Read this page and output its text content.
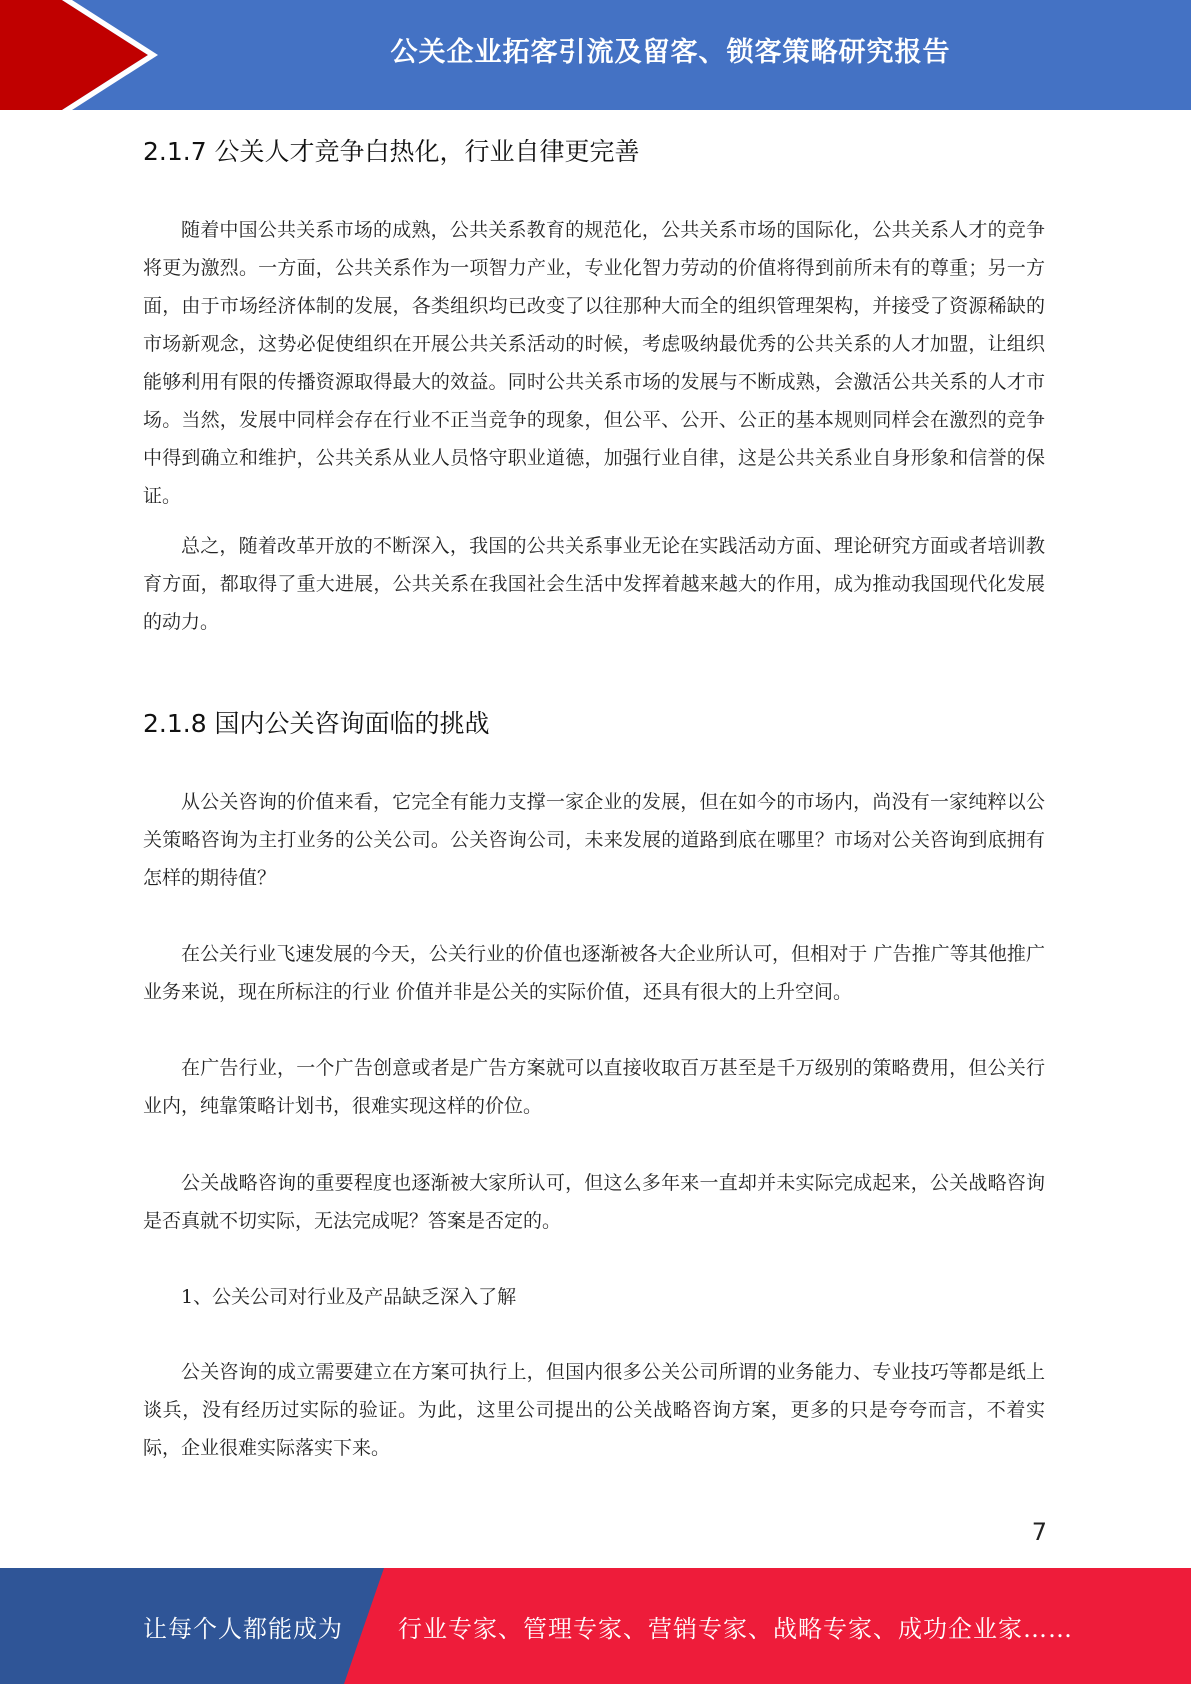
公关企业拓客引流及留客、锁客策略研究报告
2.1.7 公关人才竞争白热化，行业自律更完善

随着中国公共关系市场的成熟，公共关系教育的规范化，公共关系市场的国际化，公共关系人才的竞争将更为激烈。一方面，公共关系作为一项智力产业，专业化智力劳动的价值将得到前所未有的尊重；另一方面，由于市场经济体制的发展，各类组织均已改变了以往那种大而全的组织管理架构，并接受了资源稀缺的市场新观念，这势必促使组织在开展公共关系活动的时候，考虑吸纳最优秀的公共关系的人才加盟，让组织能够利用有限的传播资源取得最大的效益。同时公共关系市场的发展与不断成熟，会激活公共关系的人才市场。当然，发展中同样会存在行业不正当竞争的现象，但公平、公开、公正的基本规则同样会在激烈的竞争中得到确立和维护，公共关系从业人员恪守职业道德，加强行业自律，这是公共关系业自身形象和信誉的保证。

总之，随着改革开放的不断深入，我国的公共关系事业无论在实践活动方面、理论研究方面或者培训教育方面，都取得了重大进展，公共关系在我国社会生活中发挥着越来越大的作用，成为推动我国现代化发展的动力。

2.1.8 国内公关咨询面临的挑战

从公关咨询的价值来看，它完全有能力支撑一家企业的发展，但在如今的市场内，尚没有一家纯粹以公关策略咨询为主打业务的公关公司。公关咨询公司，未来发展的道路到底在哪里？市场对公关咨询到底拥有怎样的期待值？

在公关行业飞速发展的今天，公关行业的价值也逐渐被各大企业所认可，但相对于 广告推广等其他推广业务来说，现在所标注的行业 价值并非是公关的实际价值，还具有很大的上升空间。

在广告行业，一个广告创意或者是广告方案就可以直接收取百万甚至是千万级别的策略费用，但公关行业内，纯靠策略计划书，很难实现这样的价位。

公关战略咨询的重要程度也逐渐被大家所认可，但这么多年来一直却并未实际完成起来，公关战略咨询是否真就不切实际，无法完成呢？答案是否定的。

1、公关公司对行业及产品缺乏深入了解

公关咨询的成立需要建立在方案可执行上，但国内很多公关公司所谓的业务能力、专业技巧等都是纸上谈兵，没有经历过实际的验证。为此，这里公司提出的公关战略咨询方案，更多的只是夸夸而言，不着实际，企业很难实际落实下来。

7
让每个人都能成为 行业专家、管理专家、营销专家、战略专家、成功企业家……
